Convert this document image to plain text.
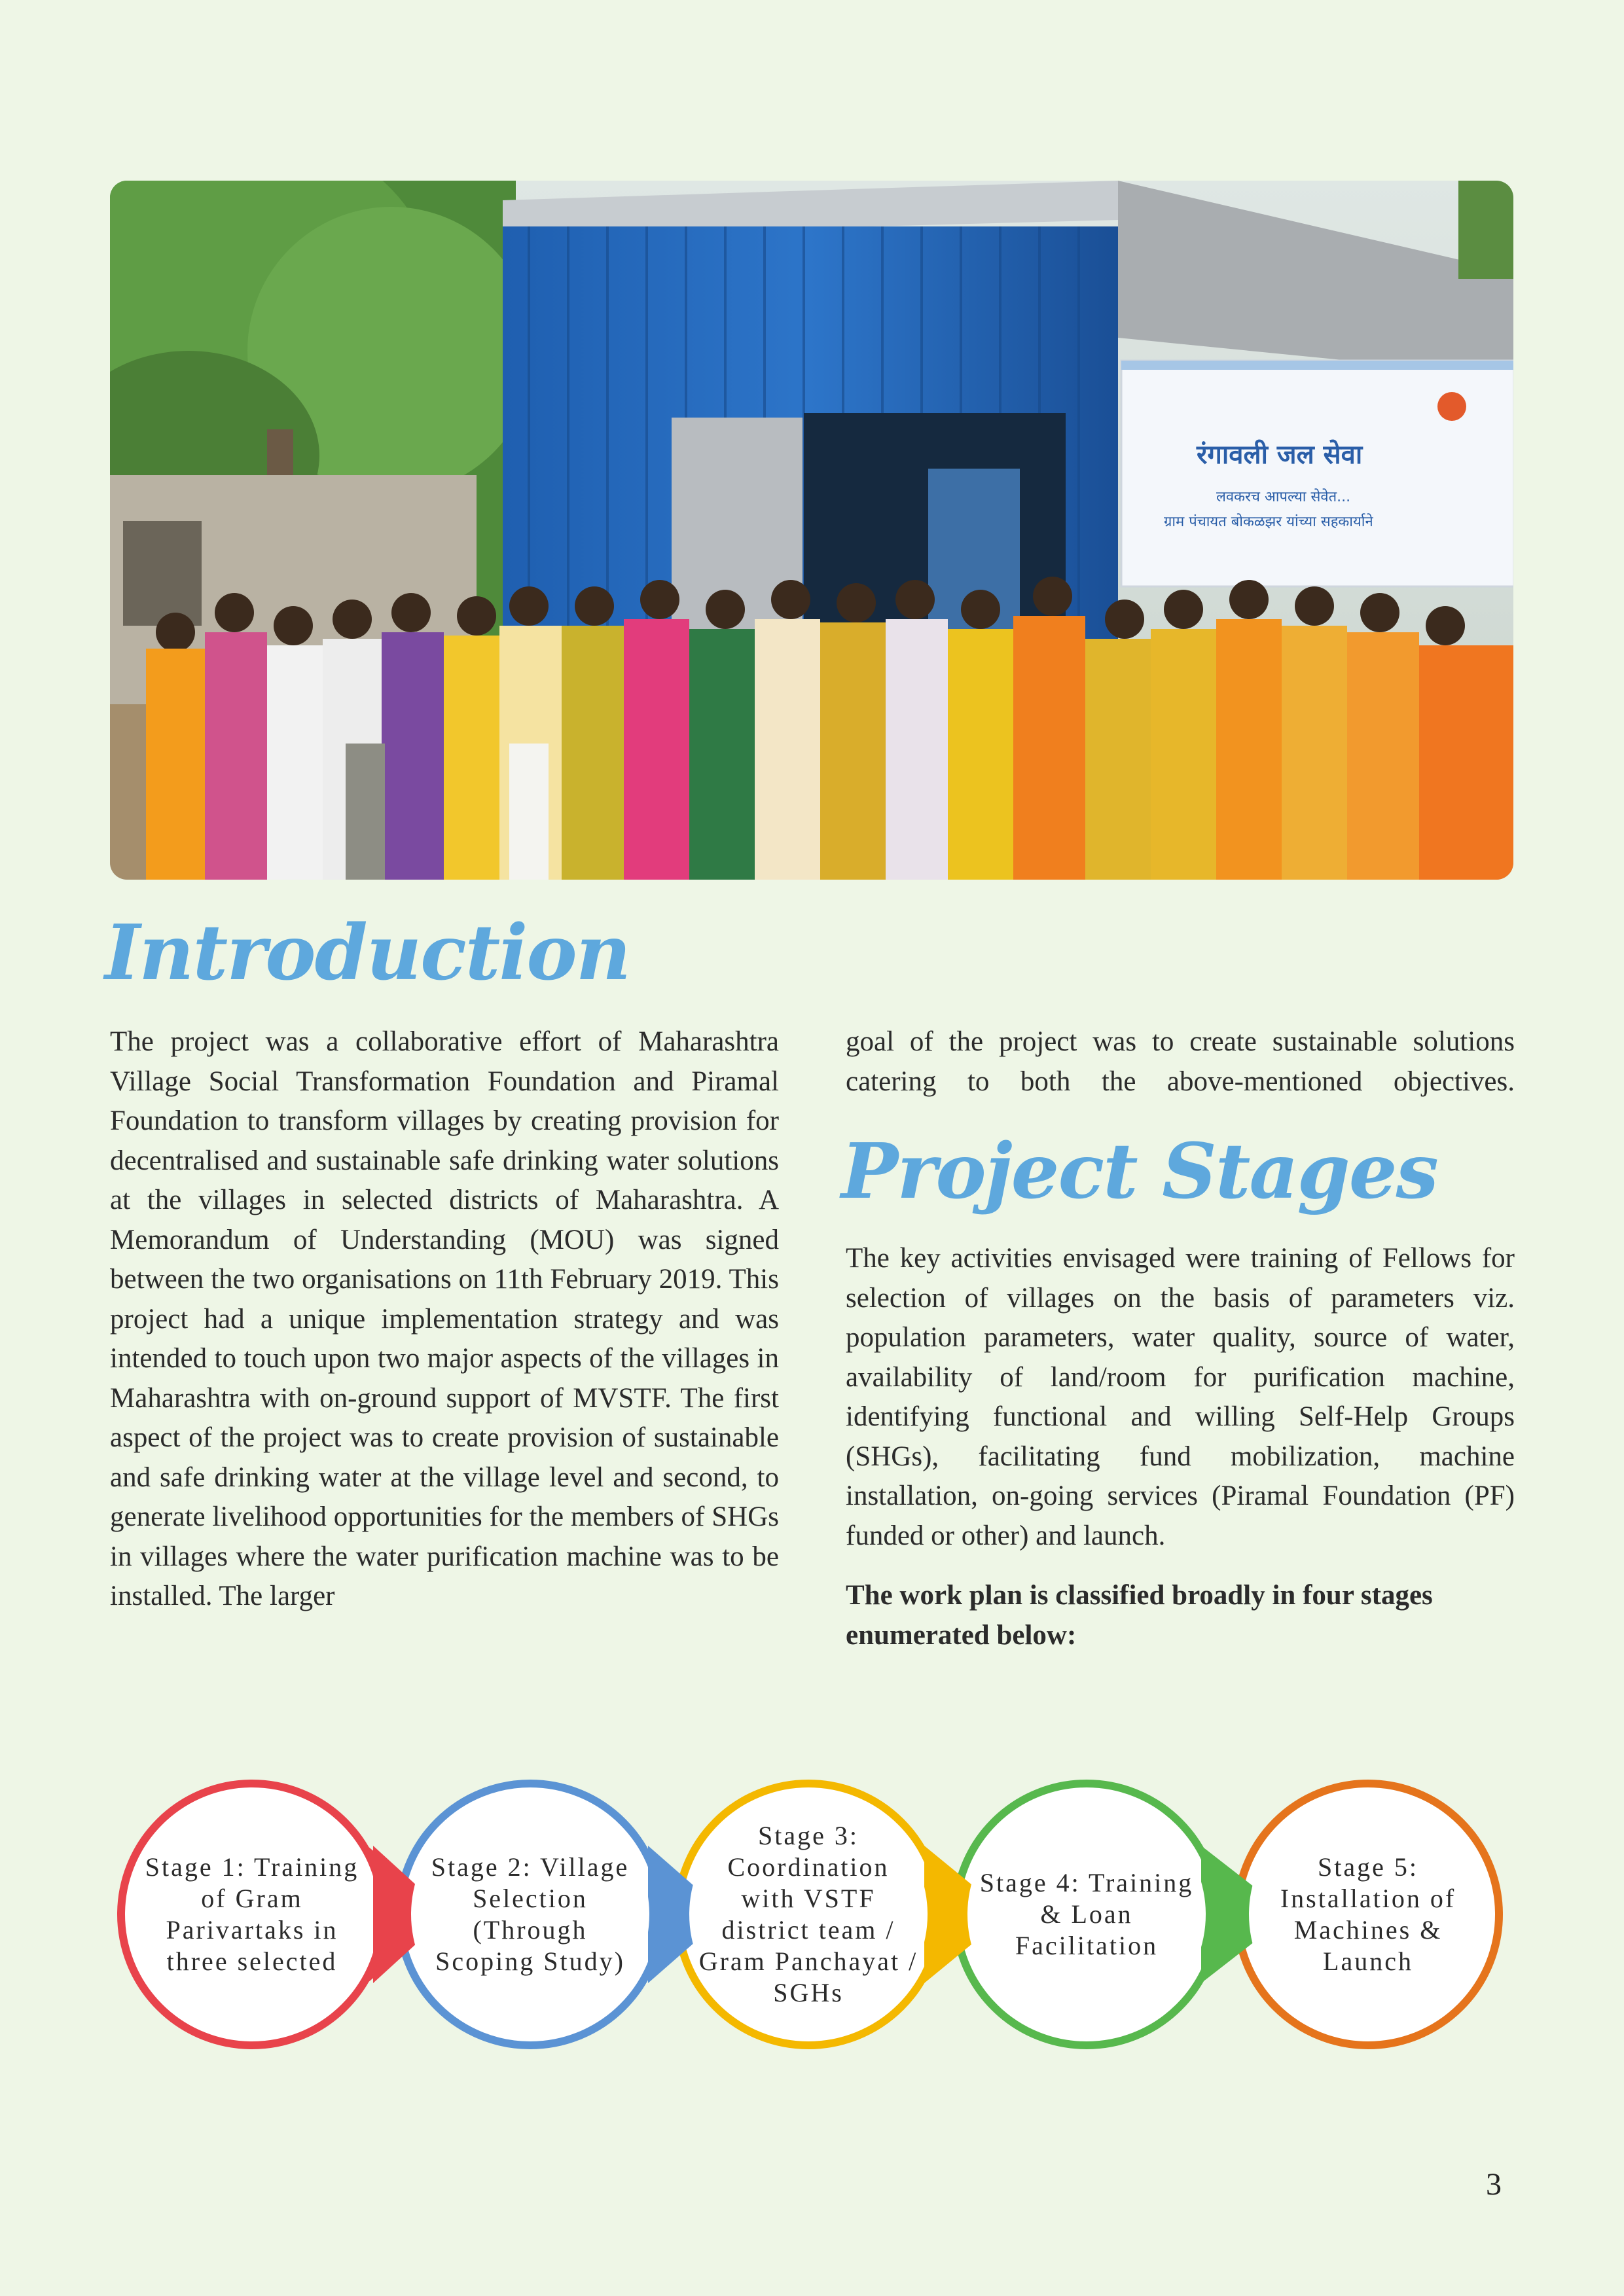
रंगावली जल सेवा
लवकरच आपल्या सेवेत...
ग्राम पंचायत बोकळझर यांच्या सहकार्याने
Introduction

The project was a collaborative effort of Maharashtra Village Social Transformation Foundation and Piramal Foundation to transform villages by creating provision for decentralised and sustainable safe drinking water solutions at the villages in selected districts of Maharashtra. A Memorandum of Understanding (MOU) was signed between the two organisations on 11th February 2019. This project had a unique implementation strategy and was intended to touch upon two major aspects of the villages in Maharashtra with on-ground support of MVSTF. The first aspect of the project was to create provision of sustainable and safe drinking water at the village level and second, to generate livelihood opportunities for the members of SHGs in villages where the water purification machine was to be installed. The larger

goal of the project was to create sustainable solutions catering to both the above-mentioned objectives.

Project Stages

The key activities envisaged were training of Fellows for selection of villages on the basis of parameters viz. population parameters, water quality, source of water, availability of land/room for purification machine, identifying functional and willing Self-Help Groups (SHGs), facilitating fund mobilization, machine installation, on-going services (Piramal Foundation (PF) funded or other) and launch.

The work plan is classified broadly in four stages enumerated below:

Stage 1: Training of Gram Parivartaks in three selected
Stage 2: Village Selection (Through Scoping Study)
Stage 3: Coordination with VSTF district team / Gram Panchayat / SGHs
Stage 4: Training & Loan Facilitation
Stage 5: Installation of Machines & Launch
3
